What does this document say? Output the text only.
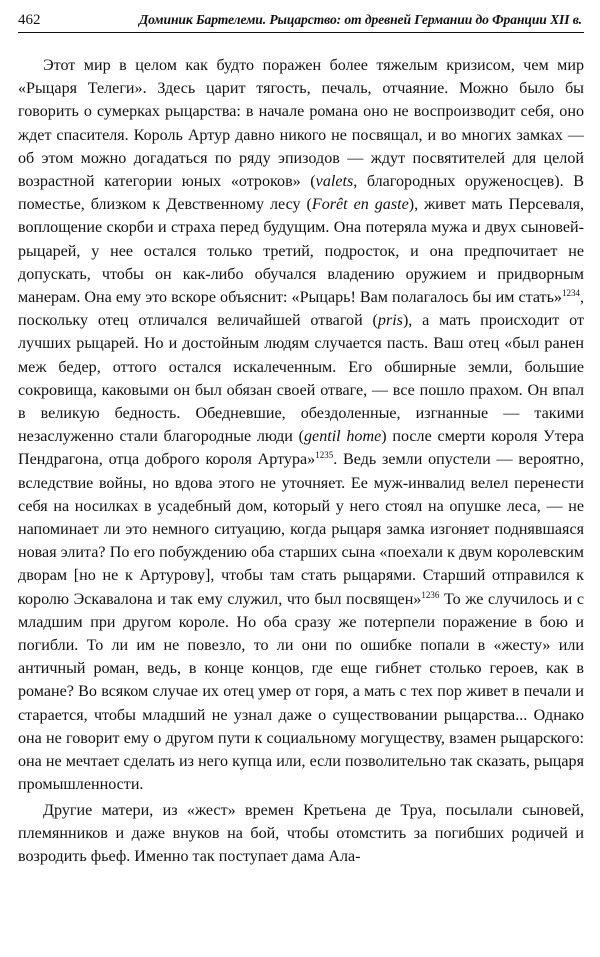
462	Доминик Бартелеми. Рыцарство: от древней Германии до Франции XII в.

Этот мир в целом как будто поражен более тяжелым кризисом, чем мир «Рыцаря Телеги». Здесь царит тягость, печаль, отчаяние. Можно было бы говорить о сумерках рыцарства: в начале романа оно не воспроизводит себя, оно ждет спасителя. Король Артур давно никого не посвящал, и во многих замках — об этом можно догадаться по ряду эпизодов — ждут посвятителей для целой возрастной категории юных «отроков» (valets, благородных оруженосцев). В поместье, близком к Девственному лесу (Forêt en gaste), живет мать Персеваля, воплощение скорби и страха перед будущим. Она потеряла мужа и двух сыновей-рыцарей, у нее остался только третий, подросток, и она предпочитает не допускать, чтобы он как-либо обучался владению оружием и придворным манерам. Она ему это вскоре объяснит: «Рыцарь! Вам полагалось бы им стать»$^{1234}$, поскольку отец отличался величайшей отвагой (pris), а мать происходит от лучших рыцарей. Но и достойным людям случается пасть. Ваш отец «был ранен меж бедер, оттого остался искалеченным. Его обширные земли, большие сокровища, каковыми он был обязан своей отваге, — все пошло прахом. Он впал в великую бедность. Обедневшие, обездоленные, изгнанные — такими незаслуженно стали благородные люди (gentil home) после смерти короля Утера Пендрагона, отца доброго короля Артура»$^{1235}$. Ведь земли опустели — вероятно, вследствие войны, но вдова этого не уточняет. Ее муж-инвалид велел перенести себя на носилках в усадебный дом, который у него стоял на опушке леса, — не напоминает ли это немного ситуацию, когда рыцаря замка изгоняет поднявшаяся новая элита? По его побуждению оба старших сына «поехали к двум королевским дворам [но не к Артурову], чтобы там стать рыцарями. Старший отправился к королю Эскавалона и так ему служил, что был посвящен»$^{1236}$ То же случилось и с младшим при другом короле. Но оба сразу же потерпели поражение в бою и погибли. То ли им не повезло, то ли они по ошибке попали в «жесту» или античный роман, ведь, в конце концов, где еще гибнет столько героев, как в романе? Во всяком случае их отец умер от горя, а мать с тех пор живет в печали и старается, чтобы младший не узнал даже о существовании рыцарства... Однако она не говорит ему о другом пути к социальному могуществу, взамен рыцарского: она не мечтает сделать из него купца или, если позволительно так сказать, рыцаря промышленности.

Другие матери, из «жест» времен Кретьена де Труа, посылали сыновей, племянников и даже внуков на бой, чтобы отомстить за погибших родичей и возродить фьеф. Именно так поступает дама Ала-
